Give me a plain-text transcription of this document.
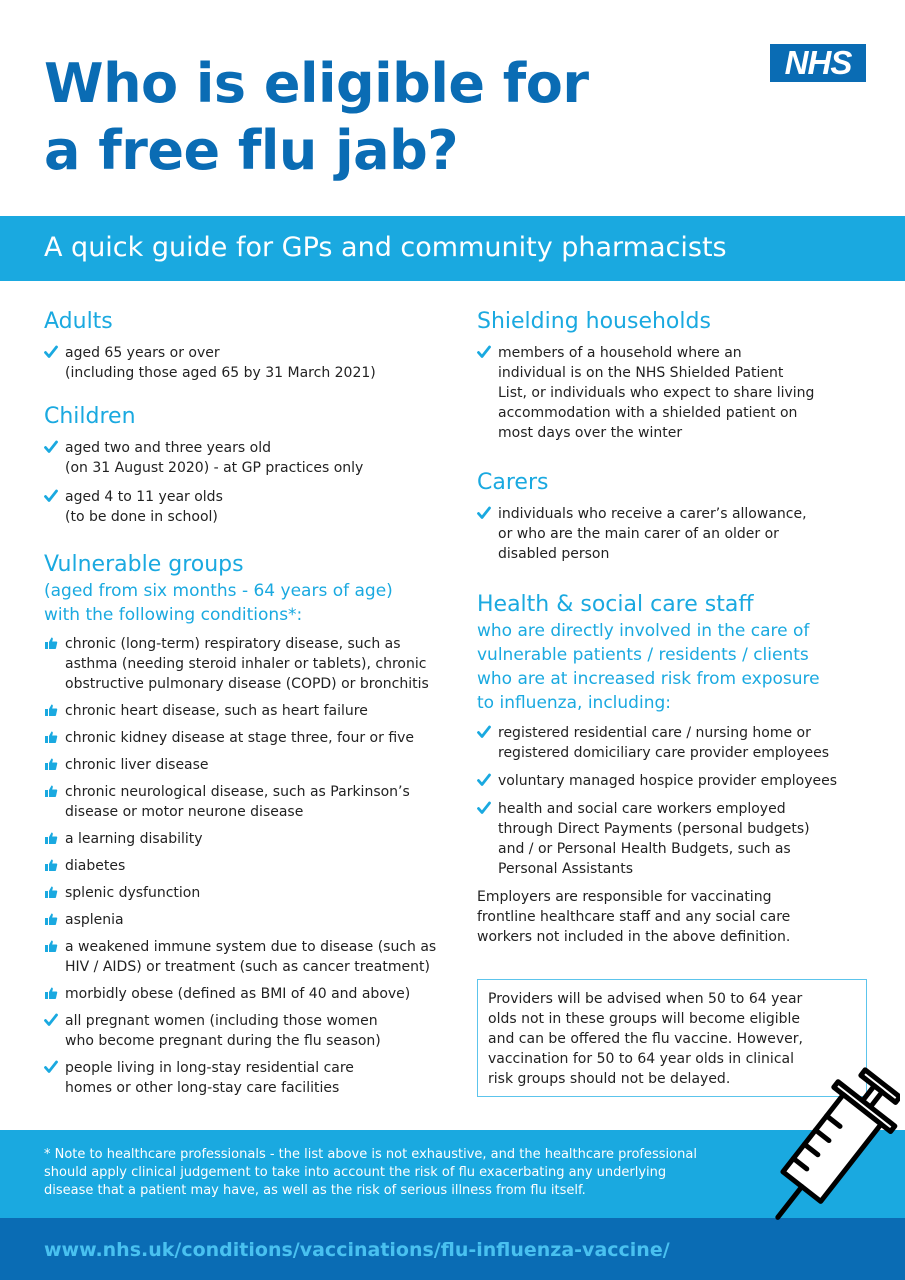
Who is eligible for
a free flu jab?
NHS
A quick guide for GPs and community pharmacists
Adults
aged 65 years or over
(including those aged 65 by 31 March 2021)
Children
aged two and three years old
(on 31 August 2020) - at GP practices only
aged 4 to 11 year olds
(to be done in school)
Vulnerable groups
(aged from six months - 64 years of age)
with the following conditions*:
chronic (long-term) respiratory disease, such as
asthma (needing steroid inhaler or tablets), chronic
obstructive pulmonary disease (COPD) or bronchitis
chronic heart disease, such as heart failure
chronic kidney disease at stage three, four or five
chronic liver disease
chronic neurological disease, such as Parkinson’s
disease or motor neurone disease
a learning disability
diabetes
splenic dysfunction
asplenia
a weakened immune system due to disease (such as
HIV / AIDS) or treatment (such as cancer treatment)
morbidly obese (defined as BMI of 40 and above)
all pregnant women (including those women
who become pregnant during the flu season)
people living in long-stay residential care
homes or other long-stay care facilities
Shielding households
members of a household where an
individual is on the NHS Shielded Patient
List, or individuals who expect to share living
accommodation with a shielded patient on
most days over the winter
Carers
individuals who receive a carer’s allowance,
or who are the main carer of an older or
disabled person
Health & social care staff
who are directly involved in the care of
vulnerable patients / residents / clients
who are at increased risk from exposure
to influenza, including:
registered residential care / nursing home or
registered domiciliary care provider employees
voluntary managed hospice provider employees
health and social care workers employed
through Direct Payments (personal budgets)
and / or Personal Health Budgets, such as
Personal Assistants
Employers are responsible for vaccinating
frontline healthcare staff and any social care
workers not included in the above definition.
Providers will be advised when 50 to 64 year
olds not in these groups will become eligible
and can be offered the flu vaccine. However,
vaccination for 50 to 64 year olds in clinical
risk groups should not be delayed.
* Note to healthcare professionals - the list above is not exhaustive, and the healthcare professional
should apply clinical judgement to take into account the risk of flu exacerbating any underlying
disease that a patient may have, as well as the risk of serious illness from flu itself.
www.nhs.uk/conditions/vaccinations/flu-influenza-vaccine/
